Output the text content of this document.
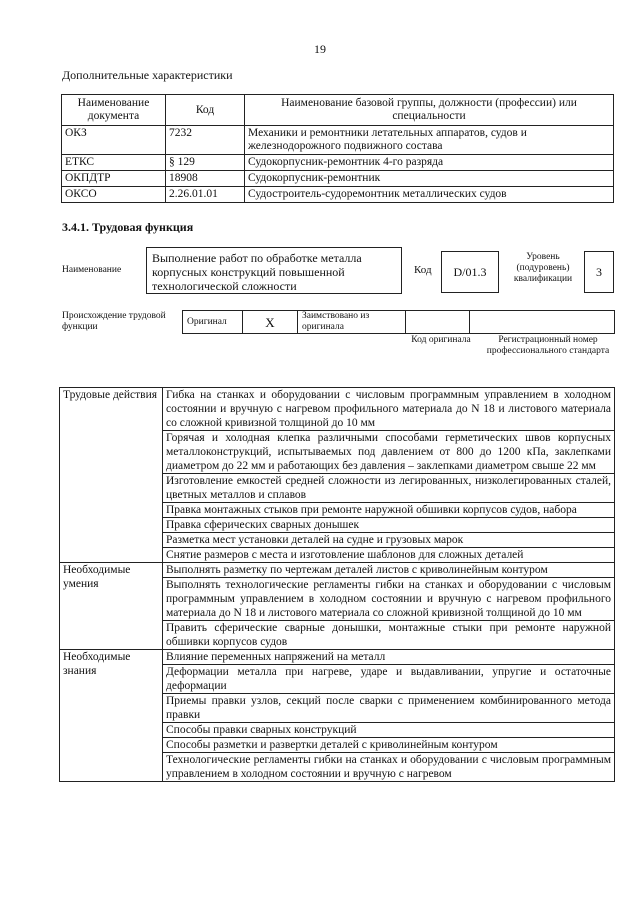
19
Дополнительные характеристики
Наименование документа	Код	Наименование базовой группы, должности (профессии) или специальности
ОКЗ	7232	Механики и ремонтники летательных аппаратов, судов и железнодорожного подвижного состава
ЕТКС	§ 129	Судокорпусник-ремонтник 4-го разряда
ОКПДТР	18908	Судокорпусник-ремонтник
ОКСО	2.26.01.01	Судостроитель-судоремонтник металлических судов
3.4.1. Трудовая функция
Наименование
Выполнение работ по обработке металла корпусных конструкций повышенной технологической сложности
Код	D/01.3
Уровень (подуровень) квалификации
3
Происхождение трудовой функции
Оригинал	X	Заимствовано из оригинала		
Код оригинала	Регистрационный номер профессионального стандарта
Трудовые действия	Гибка на станках и оборудовании с числовым программным управлением в холодном состоянии и вручную с нагревом профильного материала до N 18 и листового материала со сложной кривизной толщиной до 10 мм
	Горячая и холодная клепка различными способами герметических швов корпусных металлоконструкций, испытываемых под давлением от 800 до 1200 кПа, заклепками диаметром до 22 мм и работающих без давления – заклепками диаметром свыше 22 мм
	Изготовление емкостей средней сложности из легированных, низколегированных сталей, цветных металлов и сплавов
	Правка монтажных стыков при ремонте наружной обшивки корпусов судов, набора
	Правка сферических сварных донышек
	Разметка мест установки деталей на судне и грузовых марок
	Снятие размеров с места и изготовление шаблонов для сложных деталей
Необходимые умения	Выполнять разметку по чертежам деталей листов с криволинейным контуром
	Выполнять технологические регламенты гибки на станках и оборудовании с числовым программным управлением в холодном состоянии и вручную с нагревом профильного материала до N 18 и листового материала со сложной кривизной толщиной до 10 мм
	Править сферические сварные донышки, монтажные стыки при ремонте наружной обшивки корпусов судов
Необходимые знания	Влияние переменных напряжений на металл
	Деформации металла при нагреве, ударе и выдавливании, упругие и остаточные деформации
	Приемы правки узлов, секций после сварки с применением комбинированного метода правки
	Способы правки сварных конструкций
	Способы разметки и развертки деталей с криволинейным контуром
	Технологические регламенты гибки на станках и оборудовании с числовым программным управлением в холодном состоянии и вручную с нагревом
